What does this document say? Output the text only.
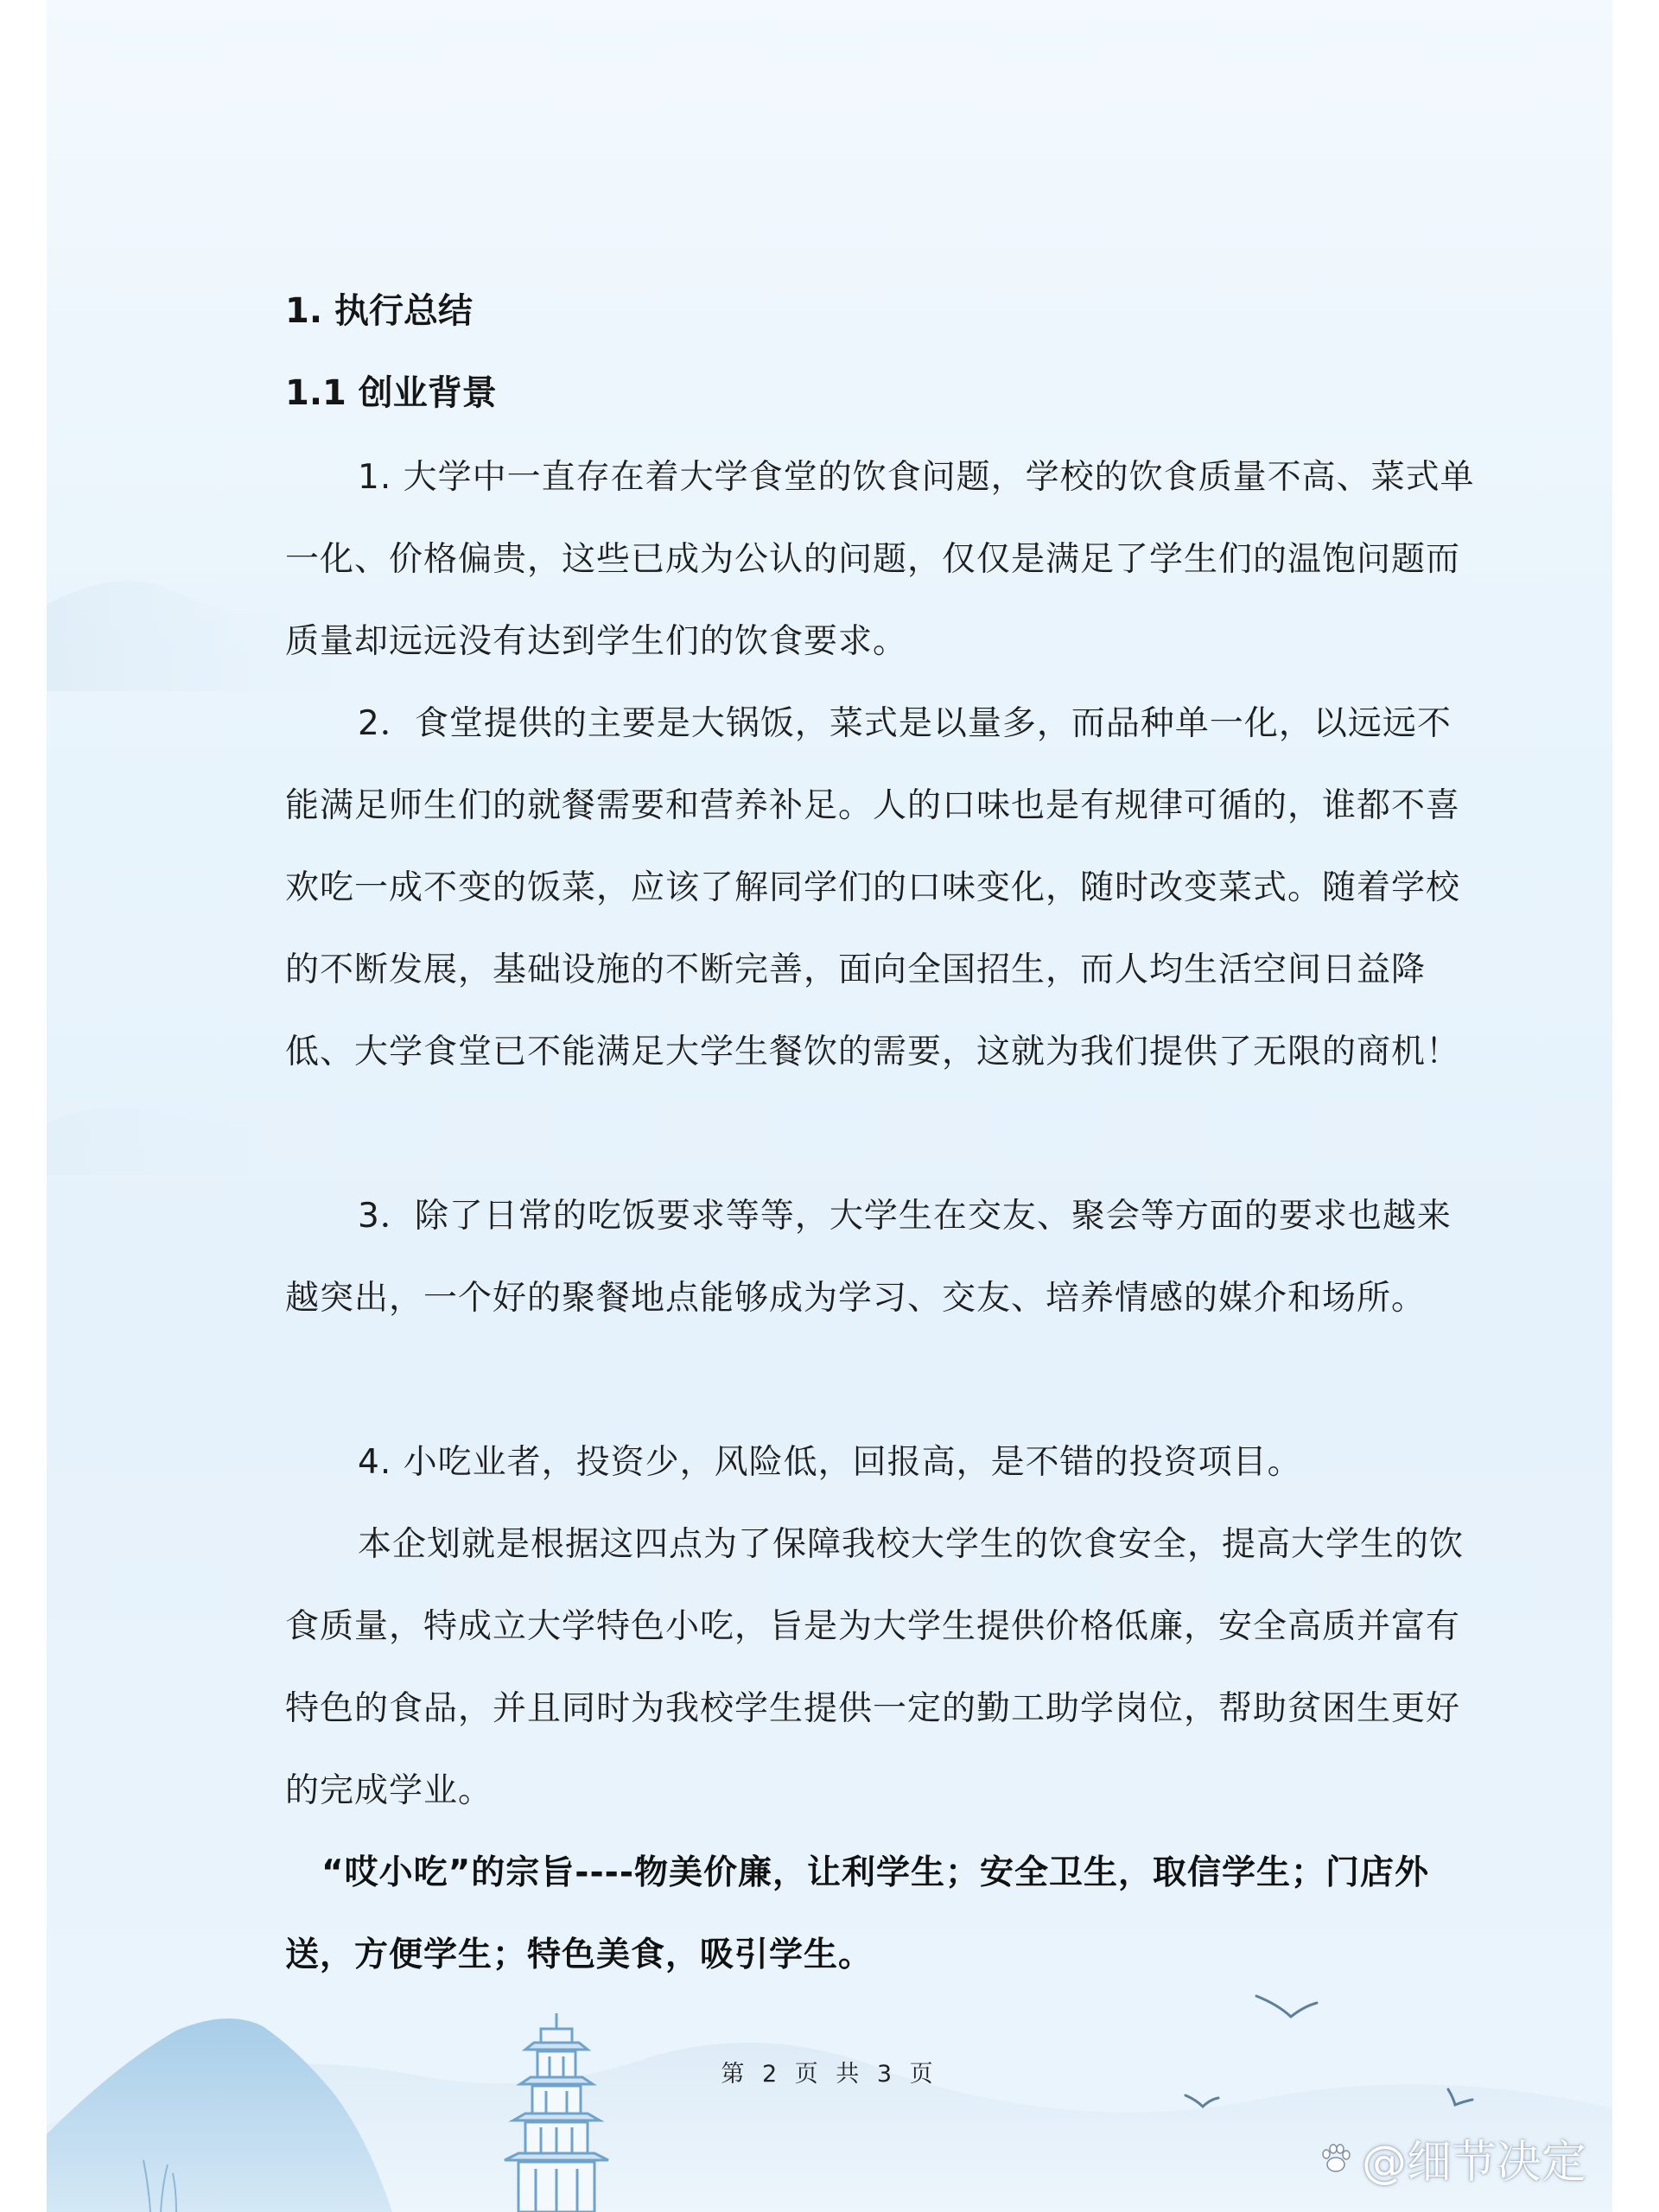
1. 执行总结

1.1 创业背景

1. 大学中一直存在着大学食堂的饮食问题，学校的饮食质量不高、菜式单一化、价格偏贵，这些已成为公认的问题，仅仅是满足了学生们的温饱问题而质量却远远没有达到学生们的饮食要求。

2．食堂提供的主要是大锅饭，菜式是以量多，而品种单一化，以远远不能满足师生们的就餐需要和营养补足。人的口味也是有规律可循的，谁都不喜欢吃一成不变的饭菜，应该了解同学们的口味变化，随时改变菜式。随着学校的不断发展，基础设施的不断完善，面向全国招生，而人均生活空间日益降低、大学食堂已不能满足大学生餐饮的需要，这就为我们提供了无限的商机！

3．除了日常的吃饭要求等等，大学生在交友、聚会等方面的要求也越来越突出，一个好的聚餐地点能够成为学习、交友、培养情感的媒介和场所。

4. 小吃业者，投资少，风险低，回报高，是不错的投资项目。

本企划就是根据这四点为了保障我校大学生的饮食安全，提高大学生的饮食质量，特成立大学特色小吃，旨是为大学生提供价格低廉，安全高质并富有特色的食品，并且同时为我校学生提供一定的勤工助学岗位，帮助贫困生更好的完成学业。

“哎小吃”的宗旨----物美价廉，让利学生；安全卫生，取信学生；门店外送，方便学生；特色美食，吸引学生。

第 2 页 共 3 页
@细节决定
